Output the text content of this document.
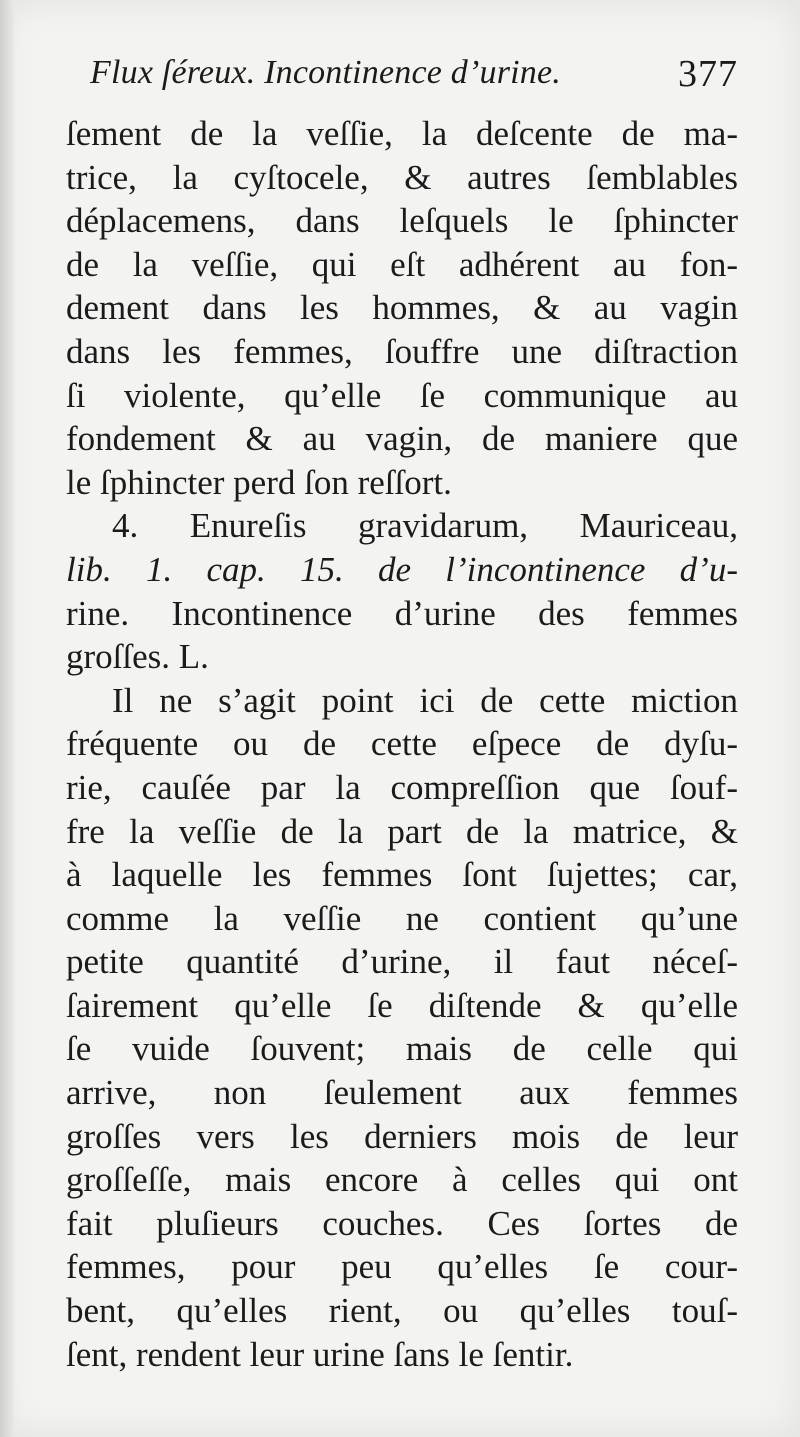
Flux ſéreux. Incontinence d’urine.	377
ſement de la veſſie, la deſcente de ma-
trice, la cyſtocele, & autres ſemblables
déplacemens, dans leſquels le ſphincter
de la veſſie, qui eſt adhérent au fon-
dement dans les hommes, & au vagin
dans les femmes, ſouffre une diſtraction
ſi violente, qu’elle ſe communique au
fondement & au vagin, de maniere que
le ſphincter perd ſon reſſort.
4. Enureſis gravidarum, Mauriceau,
lib. 1. cap. 15. de l’incontinence d’u-
rine. Incontinence d’urine des femmes
groſſes. L.
Il ne s’agit point ici de cette miction
fréquente ou de cette eſpece de dyſu-
rie, cauſée par la compreſſion que ſouf-
fre la veſſie de la part de la matrice, &
à laquelle les femmes ſont ſujettes; car,
comme la veſſie ne contient qu’une
petite quantité d’urine, il faut néceſ-
ſairement qu’elle ſe diſtende & qu’elle
ſe vuide ſouvent; mais de celle qui
arrive, non ſeulement aux femmes
groſſes vers les derniers mois de leur
groſſeſſe, mais encore à celles qui ont
fait pluſieurs couches. Ces ſortes de
femmes, pour peu qu’elles ſe cour-
bent, qu’elles rient, ou qu’elles touſ-
ſent, rendent leur urine ſans le ſentir.
